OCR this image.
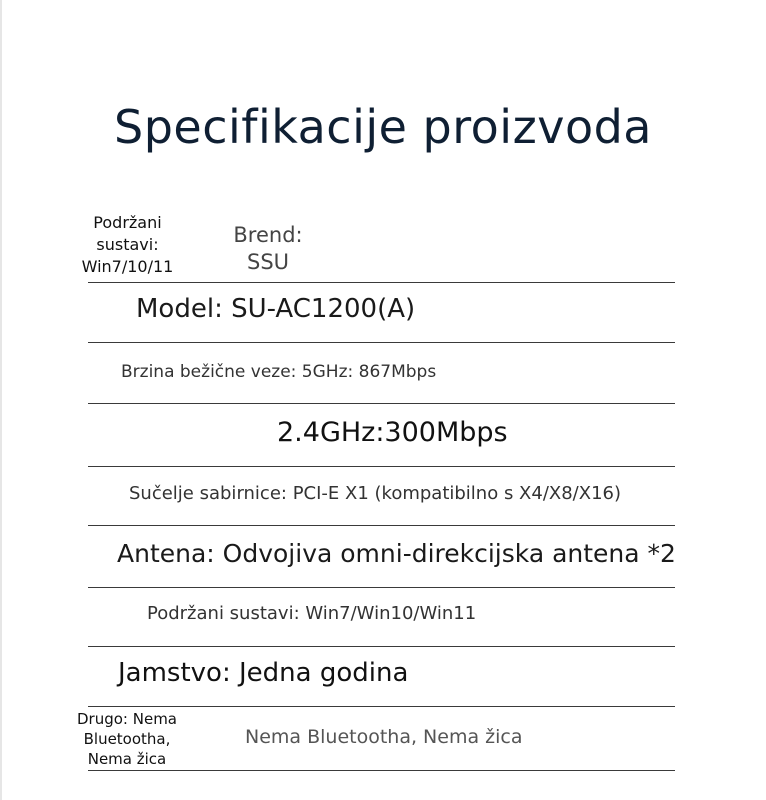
Specifikacije proizvoda
Podržani
sustavi:
Win7/10/11
Brend:
SSU
Model: SU-AC1200(A)
Brzina bežične veze: 5GHz: 867Mbps
2.4GHz:300Mbps
Sučelje sabirnice: PCI-E X1 (kompatibilno s X4/X8/X16)
Antena: Odvojiva omni-direkcijska antena *2
Podržani sustavi: Win7/Win10/Win11
Jamstvo: Jedna godina
Drugo: Nema
Bluetootha,
Nema žica
Nema Bluetootha, Nema žica
